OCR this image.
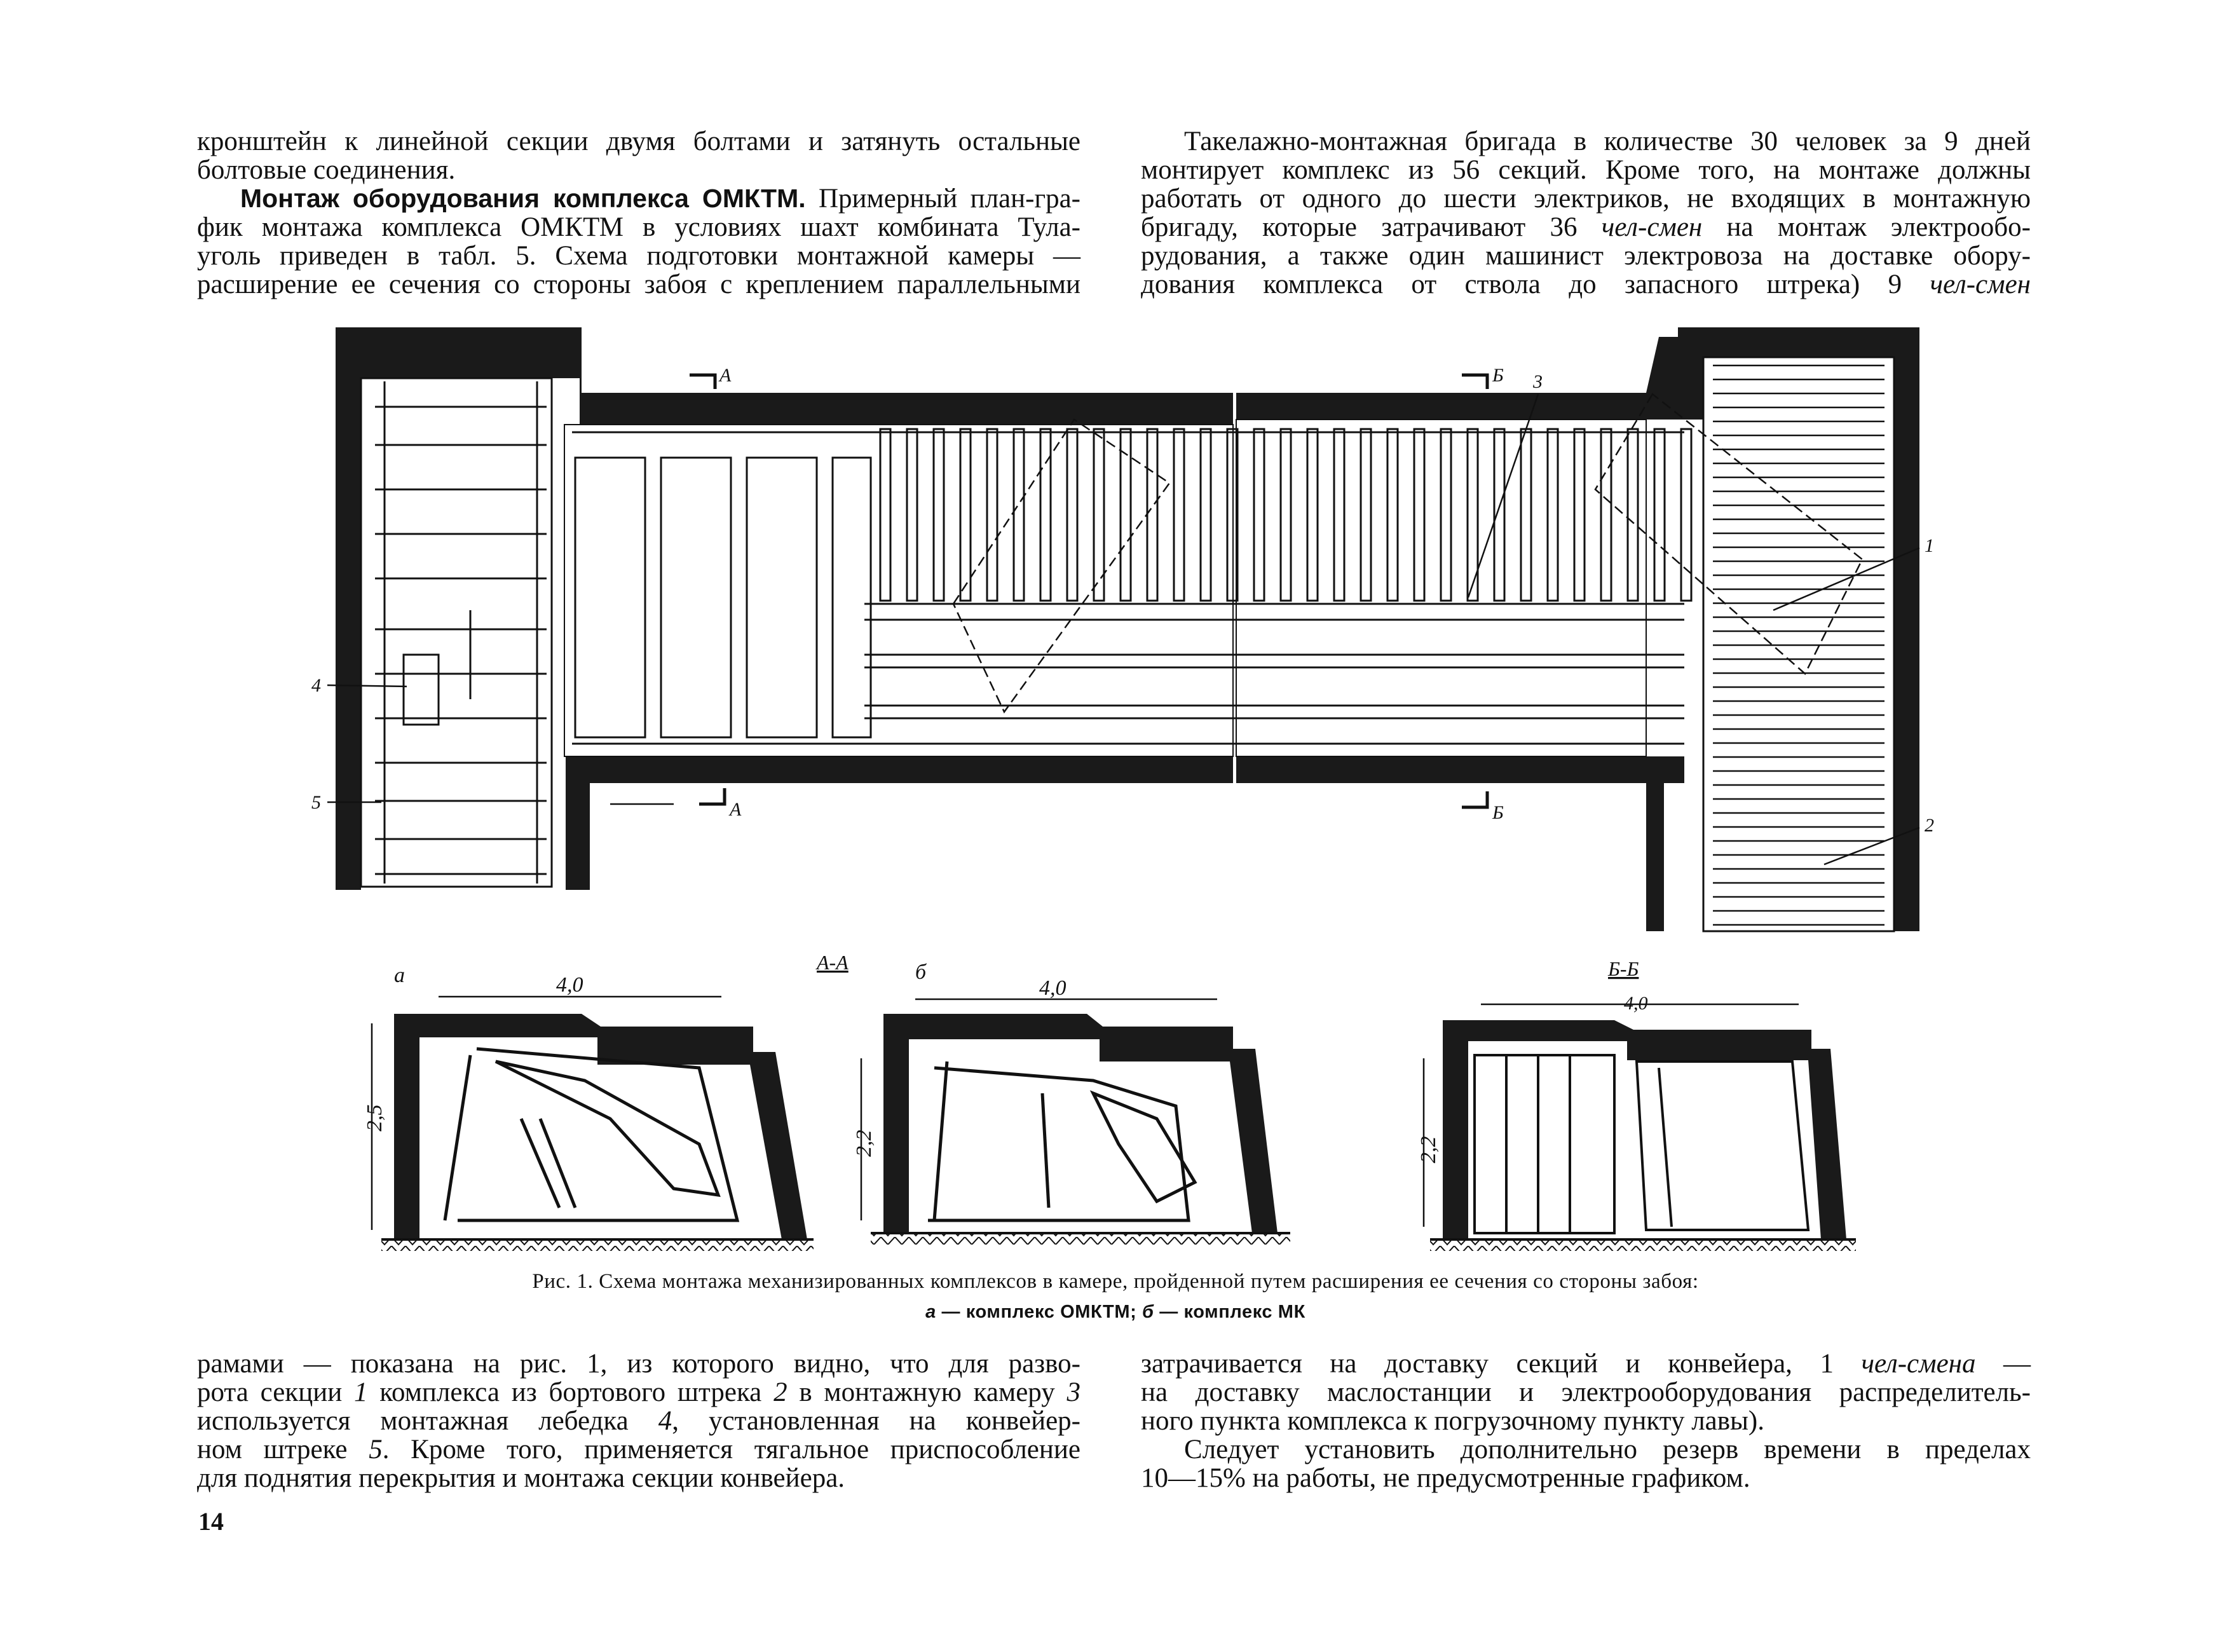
кронштейн к линейной секции двумя болтами и затянуть остальные

болтовые соединения.

Монтаж оборудования комплекса ОМКТМ. Примерный план-гра-

фик монтажа комплекса ОМКТМ в условиях шахт комбината Тула-

уголь приведен в табл. 5. Схема подготовки монтажной камеры —

расширение ее сечения со стороны забоя с креплением параллельными

Такелажно-монтажная бригада в количестве 30 человек за 9 дней

монтирует комплекс из 56 секций. Кроме того, на монтаже должны

работать от одного до шести электриков, не входящих в монтажную

бригаду, которые затрачивают 36 чел-смен на монтаж электрообо-

рудования, а также один машинист электровоза на доставке обору-

дования комплекса от ствола до запасного штрека) 9 чел-смен

А
А
Б
Б
3
1
2
4
5
4,0
2,5
а
А-А
4,0
2,2
б	Б-Б
4,0
2,2
Рис. 1. Схема монтажа механизированных комплексов в камере, пройденной путем расширения ее сечения со стороны забоя:
а — комплекс ОМКТМ; б — комплекс МК

рамами — показана на рис. 1, из которого видно, что для разво-

рота секции 1 комплекса из бортового штрека 2 в монтажную камеру 3

используется монтажная лебедка 4, установленная на конвейер-

ном штреке 5. Кроме того, применяется тягальное приспособление

для поднятия перекрытия и монтажа секции конвейера.

затрачивается на доставку секций и конвейера, 1 чел-смена —

на доставку маслостанции и электрооборудования распределитель-

ного пункта комплекса к погрузочному пункту лавы).

Следует установить дополнительно резерв времени в пределах

10—15% на работы, не предусмотренные графиком.

14
